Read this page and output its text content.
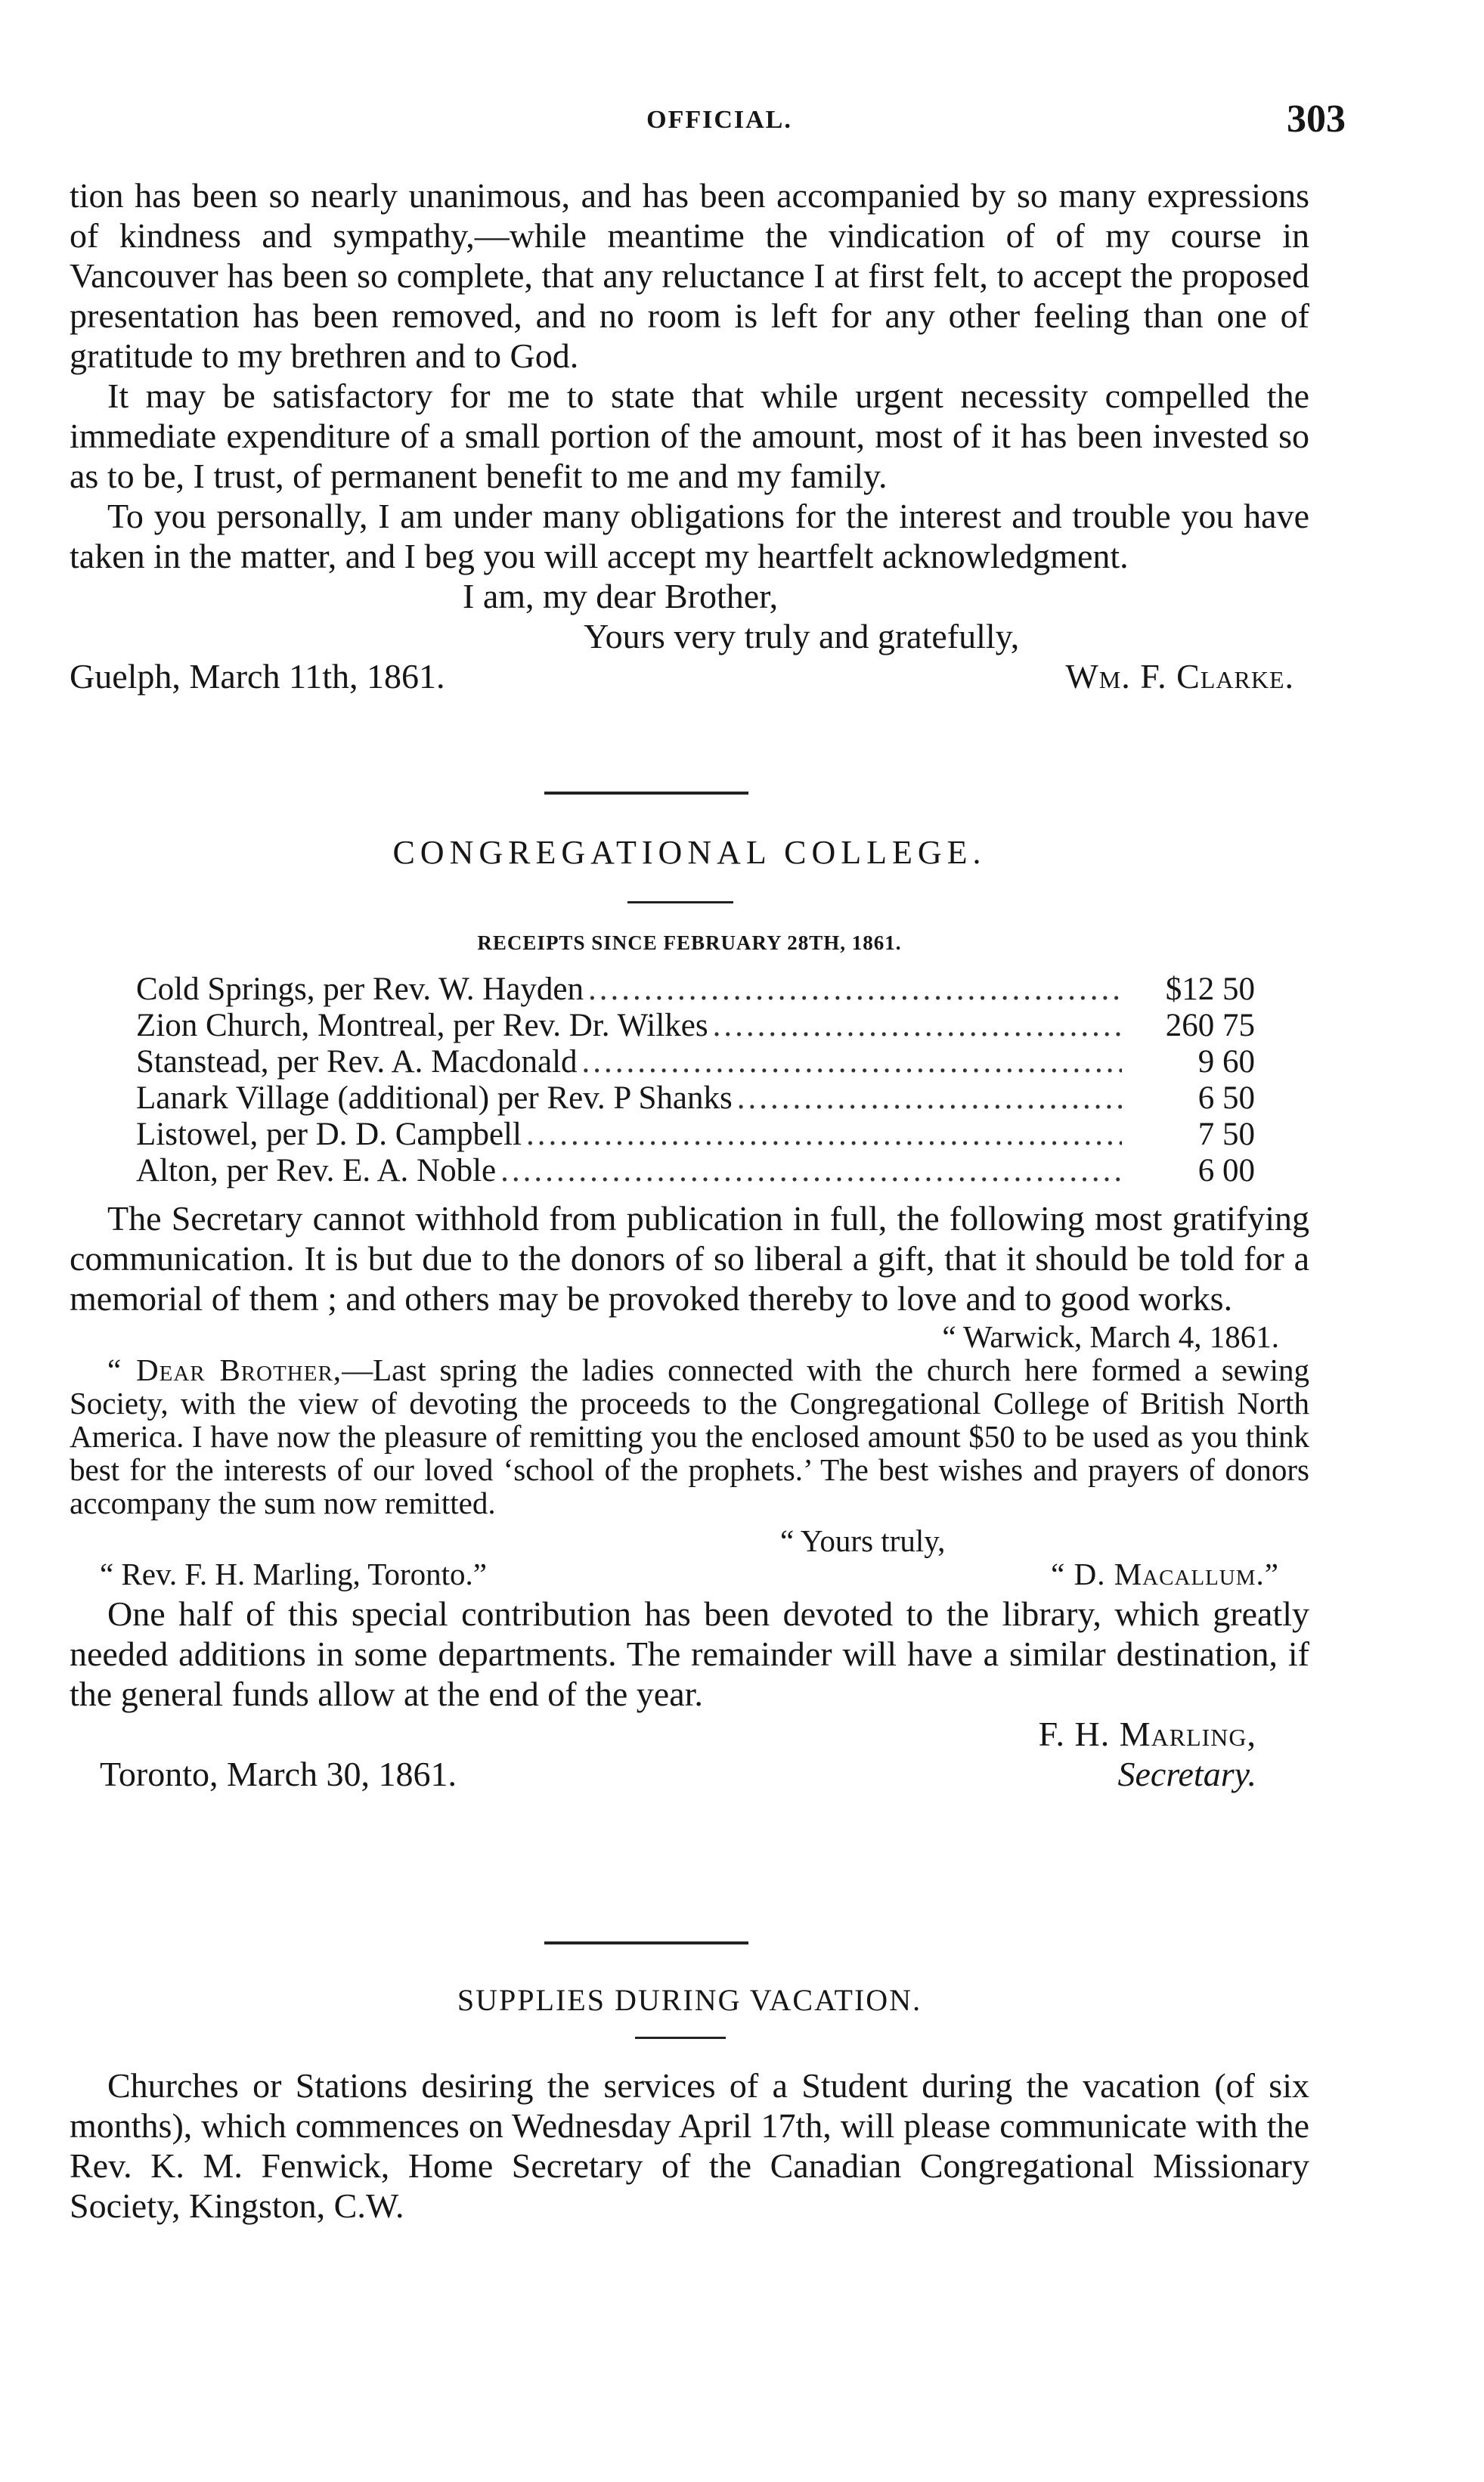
OFFICIAL.	303

tion has been so nearly unanimous, and has been accompanied by so many expressions of kindness and sympathy,—while meantime the vindication of of my course in Vancouver has been so complete, that any reluctance I at first felt, to accept the proposed presentation has been removed, and no room is left for any other feeling than one of gratitude to my brethren and to God.

It may be satisfactory for me to state that while urgent necessity compelled the immediate expenditure of a small portion of the amount, most of it has been invested so as to be, I trust, of permanent benefit to me and my family.

To you personally, I am under many obligations for the interest and trouble you have taken in the matter, and I beg you will accept my heartfelt acknowledgment.

I am, my dear Brother,

Yours very truly and gratefully,

Guelph, March 11th, 1861.	Wm. F. Clarke.
CONGREGATIONAL COLLEGE.
RECEIPTS SINCE FEBRUARY 28TH, 1861.
Cold Springs, per Rev. W. Hayden .....	$12 50
Zion Church, Montreal, per Rev. Dr. Wilkes .....	260 75
Stanstead, per Rev. A. Macdonald .....	9 60
Lanark Village (additional) per Rev. P Shanks .....	6 50
Listowel, per D. D. Campbell .....	7 50
Alton, per Rev. E. A. Noble .....	6 00

The Secretary cannot withhold from publication in full, the following most gratifying communication. It is but due to the donors of so liberal a gift, that it should be told for a memorial of them ; and others may be provoked thereby to love and to good works.

“ Warwick, March 4, 1861.

“ Dear Brother,—Last spring the ladies connected with the church here formed a sewing Society, with the view of devoting the proceeds to the Congregational College of British North America. I have now the pleasure of remitting you the enclosed amount $50 to be used as you think best for the interests of our loved ‘school of the prophets.’ The best wishes and prayers of donors accompany the sum now remitted.

“ Yours truly,

“ Rev. F. H. Marling, Toronto.”	“ D. Macallum.”

One half of this special contribution has been devoted to the library, which greatly needed additions in some departments. The remainder will have a similar destination, if the general funds allow at the end of the year.

F. H. Marling,

Toronto, March 30, 1861.	Secretary.
SUPPLIES DURING VACATION.

Churches or Stations desiring the services of a Student during the vacation (of six months), which commences on Wednesday April 17th, will please communicate with the Rev. K. M. Fenwick, Home Secretary of the Canadian Congregational Missionary Society, Kingston, C.W.
